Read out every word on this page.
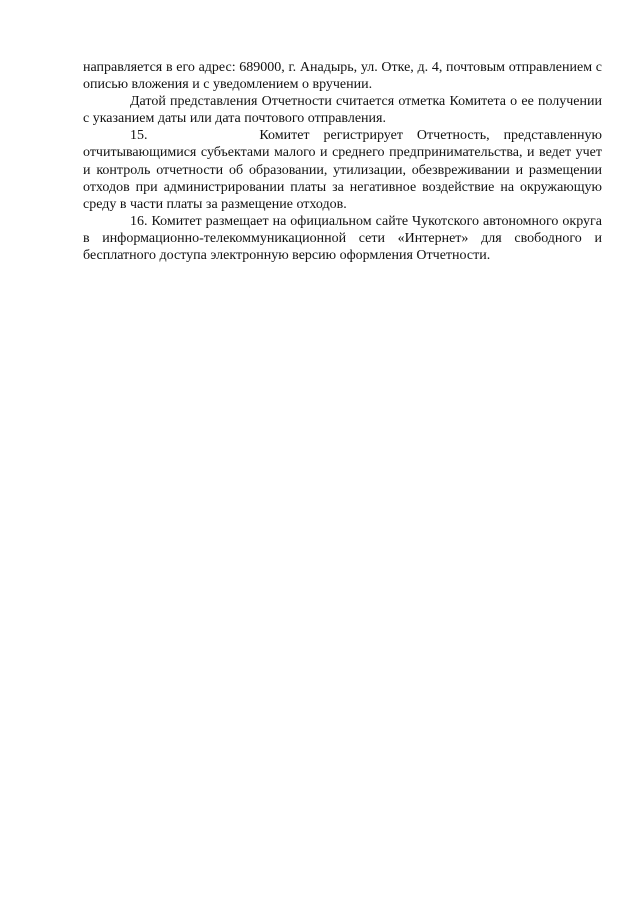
направляется в его адрес: 689000, г. Анадырь, ул. Отке, д. 4, почтовым отправлением с описью вложения и с уведомлением о вручении.

Датой представления Отчетности считается отметка Комитета о ее получении с указанием даты или дата почтового отправления.

15.        Комитет регистрирует Отчетность, представленную отчитывающимися субъектами малого и среднего предпринимательства, и ведет учет и контроль отчетности об образовании, утилизации, обезвреживании и размещении отходов при администрировании платы за негативное воздействие на окружающую среду в части платы за размещение отходов.

16. Комитет размещает на официальном сайте Чукотского автономного округа в информационно-телекоммуникационной сети «Интернет» для свободного и бесплатного доступа электронную версию оформления Отчетности.
